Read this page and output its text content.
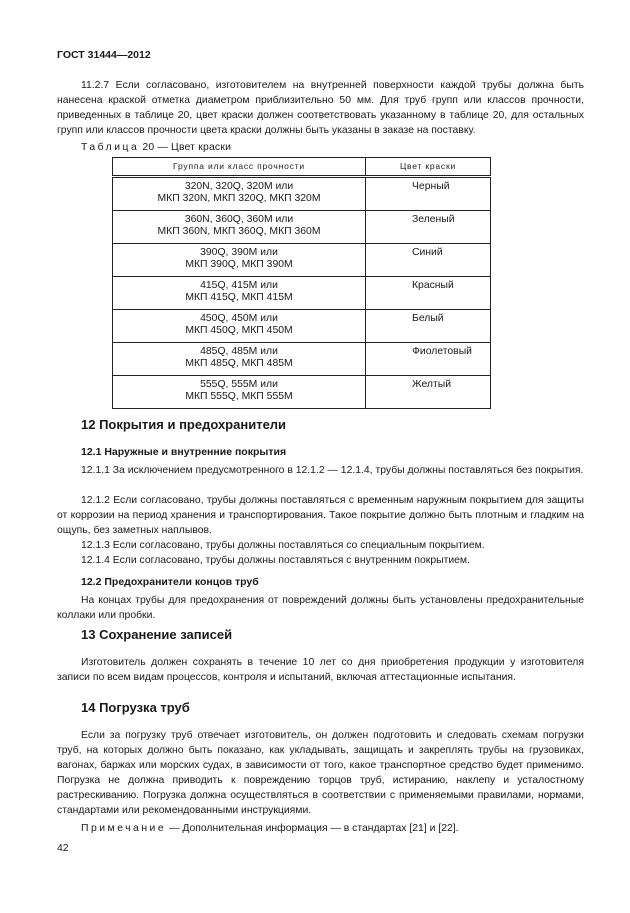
ГОСТ 31444—2012
11.2.7 Если согласовано, изготовителем на внутренней поверхности каждой трубы должна быть нанесена краской отметка диаметром приблизительно 50 мм. Для труб групп или классов прочности, приведенных в таблице 20, цвет краски должен соответствовать указанному в таблице 20, для остальных групп или классов прочности цвета краски должны быть указаны в заказе на поставку.
Таблица 20 — Цвет краски
Группа или класс прочности	Цвет краски

320N, 320Q, 320M или
МКП 320N, МКП 320Q, МКП 320M	Черный

360N, 360Q, 360M или
МКП 360N, МКП 360Q, МКП 360M	Зеленый

390Q, 390M или
МКП 390Q, МКП 390M	Синий

415Q, 415M или
МКП 415Q, МКП 415M	Красный

450Q, 450M или
МКП 450Q, МКП 450M	Белый

485Q, 485M или
МКП 485Q, МКП 485M	Фиолетовый

555Q, 555M или
МКП 555Q, МКП 555M	Желтый
12 Покрытия и предохранители
12.1 Наружные и внутренние покрытия
12.1.1 За исключением предусмотренного в 12.1.2 — 12.1.4, трубы должны поставляться без покрытия.
12.1.2 Если согласовано, трубы должны поставляться с временным наружным покрытием для защиты от коррозии на период хранения и транспортирования. Такое покрытие должно быть плотным и гладким на ощупь, без заметных наплывов.
12.1.3 Если согласовано, трубы должны поставляться со специальным покрытием.
12.1.4 Если согласовано, трубы должны поставляться с внутренним покрытием.
12.2 Предохранители концов труб
На концах трубы для предохранения от повреждений должны быть установлены предохранительные коллаки или пробки.
13 Сохранение записей
Изготовитель должен сохранять в течение 10 лет со дня приобретения продукции у изготовителя записи по всем видам процессов, контроля и испытаний, включая аттестационные испытания.
14 Погрузка труб
Если за погрузку труб отвечает изготовитель, он должен подготовить и следовать схемам погрузки труб, на которых должно быть показано, как укладывать, защищать и закреплять трубы на грузовиках, вагонах, баржах или морских судах, в зависимости от того, какое транспортное средство будет применимо. Погрузка не должна приводить к повреждению торцов труб, истиранию, наклепу и усталостному растрескиванию. Погрузка должна осуществляться в соответствии с применяемыми правилами, нормами, стандартами или рекомендованными инструкциями.
Примечание — Дополнительная информация — в стандартах [21] и [22].
42
